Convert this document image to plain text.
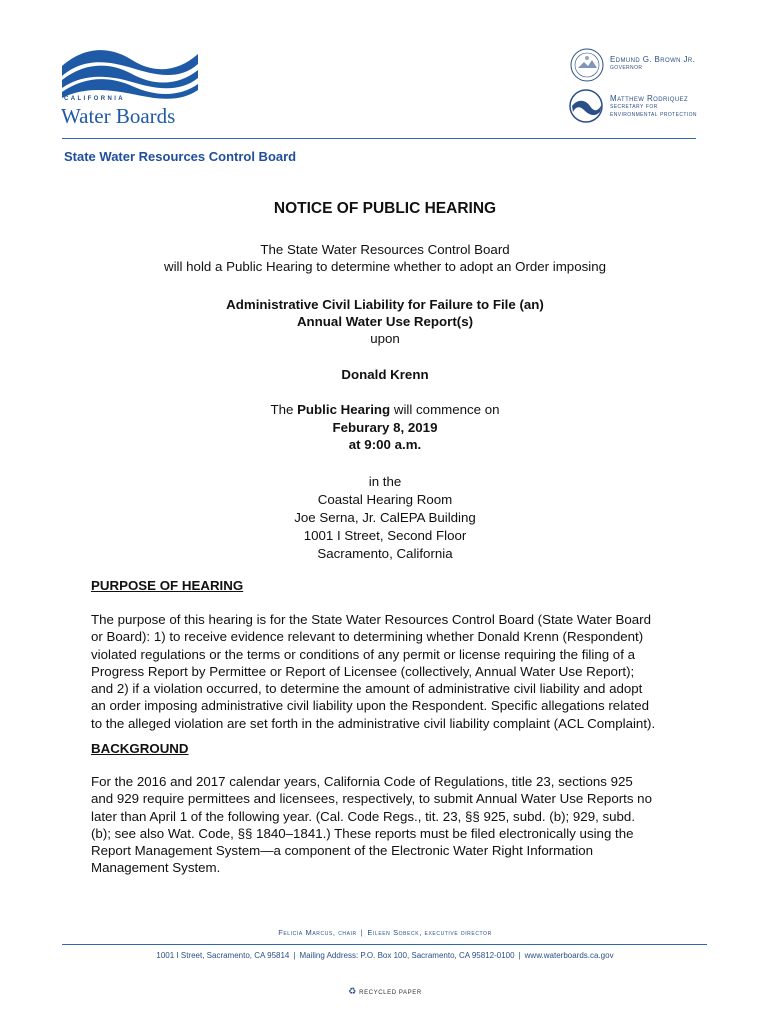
CALIFORNIA
Water Boards
Edmund G. Brown Jr.
governor
Matthew Rodriquez
secretary for
environmental protection
State Water Resources Control Board
NOTICE OF PUBLIC HEARING
The State Water Resources Control Board
will hold a Public Hearing to determine whether to adopt an Order imposing
Administrative Civil Liability for Failure to File (an)
Annual Water Use Report(s)
upon
Donald Krenn
The Public Hearing will commence on
Feburary 8, 2019
at 9:00 a.m.
in the
Coastal Hearing Room
Joe Serna, Jr. CalEPA Building
1001 I Street, Second Floor
Sacramento, California
PURPOSE OF HEARING
The purpose of this hearing is for the State Water Resources Control Board (State Water Board
or Board): 1) to receive evidence relevant to determining whether Donald Krenn (Respondent)
violated regulations or the terms or conditions of any permit or license requiring the filing of a
Progress Report by Permittee or Report of Licensee (collectively, Annual Water Use Report);
and 2) if a violation occurred, to determine the amount of administrative civil liability and adopt
an order imposing administrative civil liability upon the Respondent. Specific allegations related
to the alleged violation are set forth in the administrative civil liability complaint (ACL Complaint).
BACKGROUND
For the 2016 and 2017 calendar years, California Code of Regulations, title 23, sections 925
and 929 require permittees and licensees, respectively, to submit Annual Water Use Reports no
later than April 1 of the following year. (Cal. Code Regs., tit. 23, §§ 925, subd. (b); 929, subd.
(b); see also Wat. Code, §§ 1840–1841.) These reports must be filed electronically using the
Report Management System—a component of the Electronic Water Right Information
Management System.
Felicia Marcus, chair | Eileen Sobeck, executive director
1001 I Street, Sacramento, CA 95814 | Mailing Address: P.O. Box 100, Sacramento, CA 95812-0100 | www.waterboards.ca.gov
♻ RECYCLED PAPER
